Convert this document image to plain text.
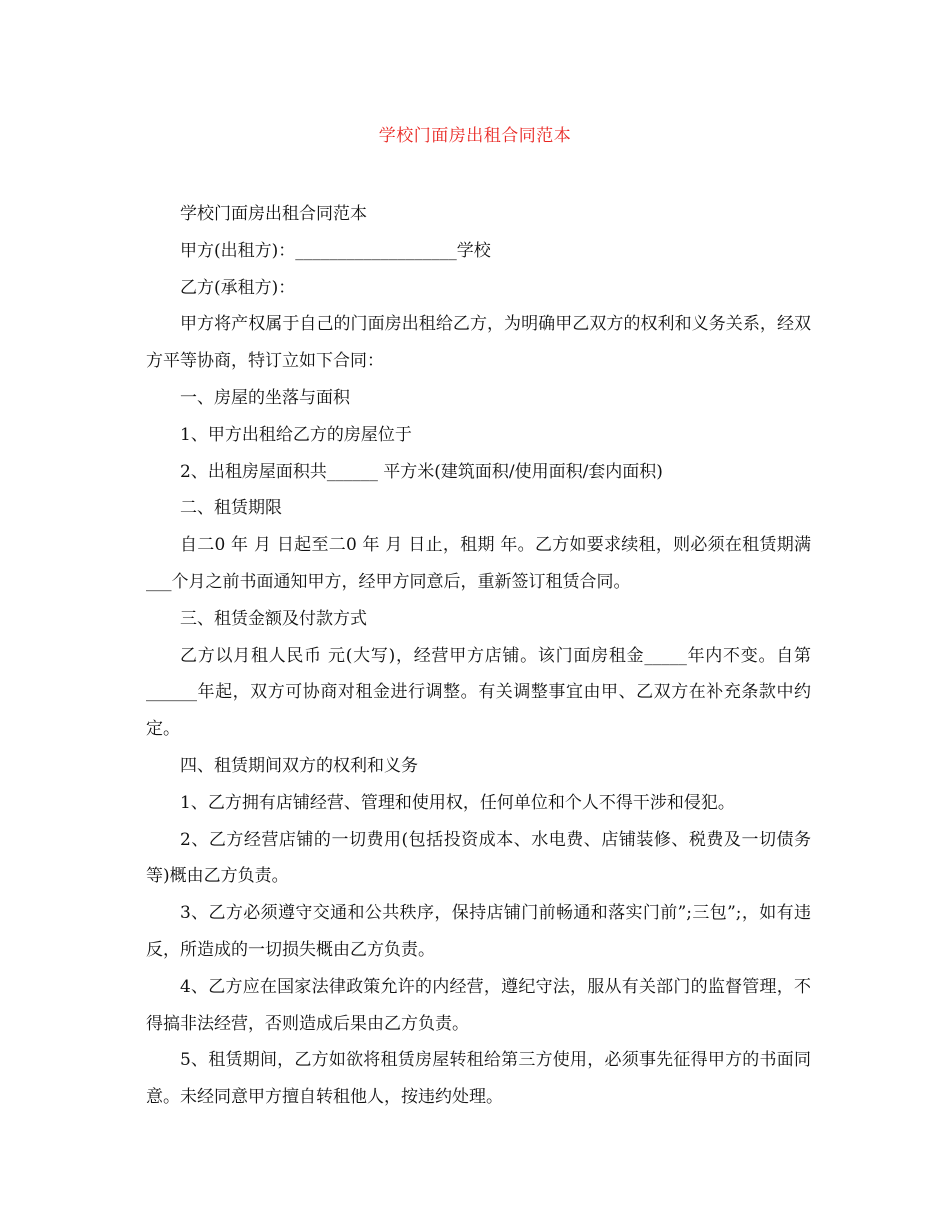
学校门面房出租合同范本

学校门面房出租合同范本

甲方(出租方)：___________________学校

乙方(承租方)：

甲方将产权属于自己的门面房出租给乙方，为明确甲乙双方的权利和义务关系，经双方平等协商，特订立如下合同：

一、房屋的坐落与面积

1、甲方出租给乙方的房屋位于

2、出租房屋面积共______ 平方米(建筑面积/使用面积/套内面积)

二、租赁期限

自二0 年 月 日起至二0 年 月 日止，租期 年。乙方如要求续租，则必须在租赁期满___个月之前书面通知甲方，经甲方同意后，重新签订租赁合同。

三、租赁金额及付款方式

乙方以月租人民币 元(大写)，经营甲方店铺。该门面房租金_____年内不变。自第______年起，双方可协商对租金进行调整。有关调整事宜由甲、乙双方在补充条款中约定。

四、租赁期间双方的权利和义务

1、乙方拥有店铺经营、管理和使用权，任何单位和个人不得干涉和侵犯。

2、乙方经营店铺的一切费用(包括投资成本、水电费、店铺装修、税费及一切债务等)概由乙方负责。

3、乙方必须遵守交通和公共秩序，保持店铺门前畅通和落实门前”;三包”;，如有违反，所造成的一切损失概由乙方负责。

4、乙方应在国家法律政策允许的内经营，遵纪守法，服从有关部门的监督管理，不得搞非法经营，否则造成后果由乙方负责。

5、租赁期间，乙方如欲将租赁房屋转租给第三方使用，必须事先征得甲方的书面同意。未经同意甲方擅自转租他人，按违约处理。
